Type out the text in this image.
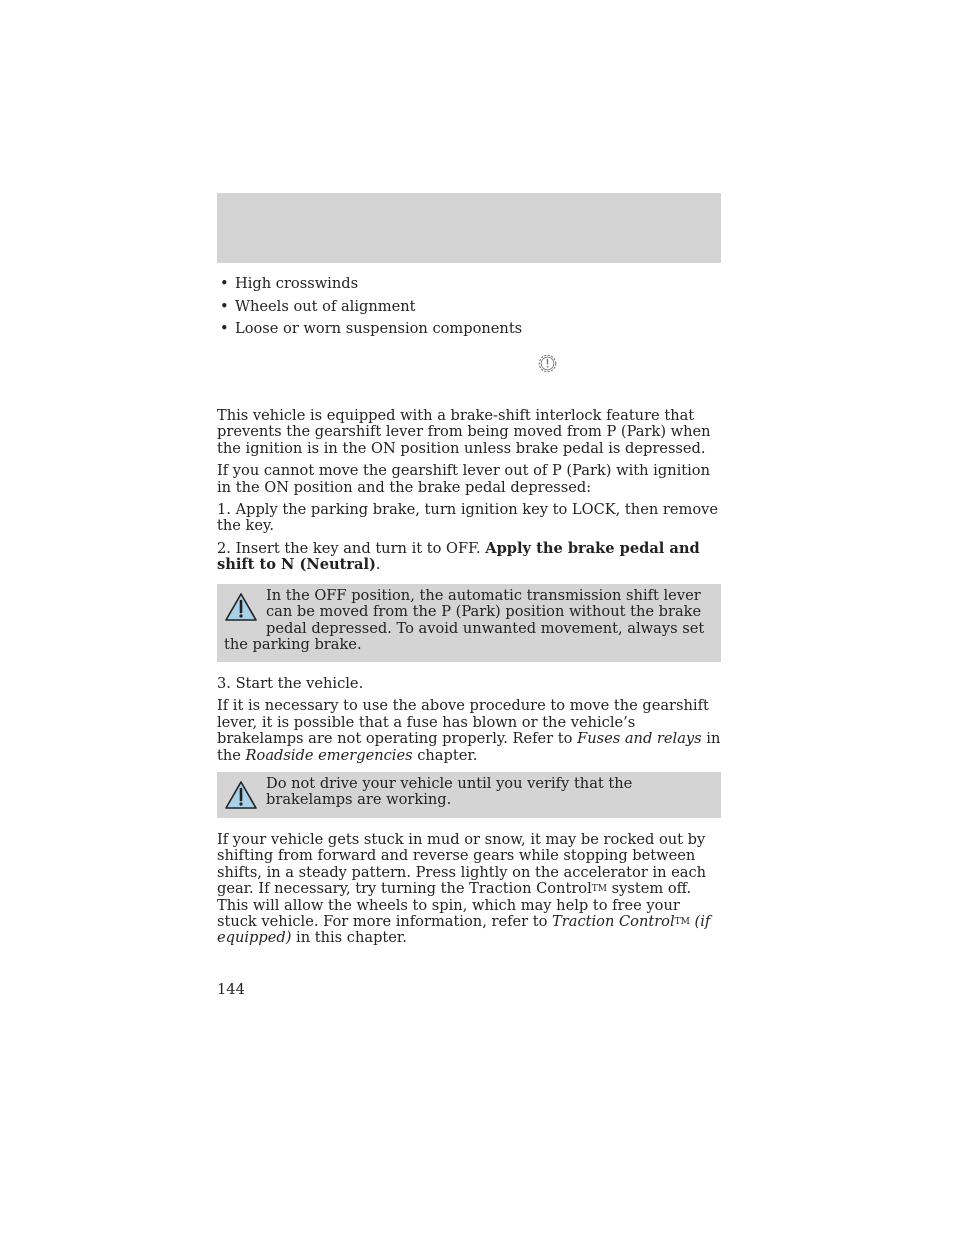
• High crosswinds
• Wheels out of alignment
• Loose or worn suspension components

This vehicle is equipped with a brake-shift interlock feature that prevents the gearshift lever from being moved from P (Park) when the ignition is in the ON position unless brake pedal is depressed.

If you cannot move the gearshift lever out of P (Park) with ignition in the ON position and the brake pedal depressed:

1. Apply the parking brake, turn ignition key to LOCK, then remove the key.

2. Insert the key and turn it to OFF. Apply the brake pedal and shift to N (Neutral).

In the OFF position, the automatic transmission shift lever can be moved from the P (Park) position without the brake pedal depressed. To avoid unwanted movement, always set the parking brake.

3. Start the vehicle.

If it is necessary to use the above procedure to move the gearshift lever, it is possible that a fuse has blown or the vehicle’s brakelamps are not operating properly. Refer to Fuses and relays in the Roadside emergencies chapter.

Do not drive your vehicle until you verify that the brakelamps are working.

If your vehicle gets stuck in mud or snow, it may be rocked out by shifting from forward and reverse gears while stopping between shifts, in a steady pattern. Press lightly on the accelerator in each gear. If necessary, try turning the Traction ControlTM system off. This will allow the wheels to spin, which may help to free your stuck vehicle. For more information, refer to Traction ControlTM (if equipped) in this chapter.

144
